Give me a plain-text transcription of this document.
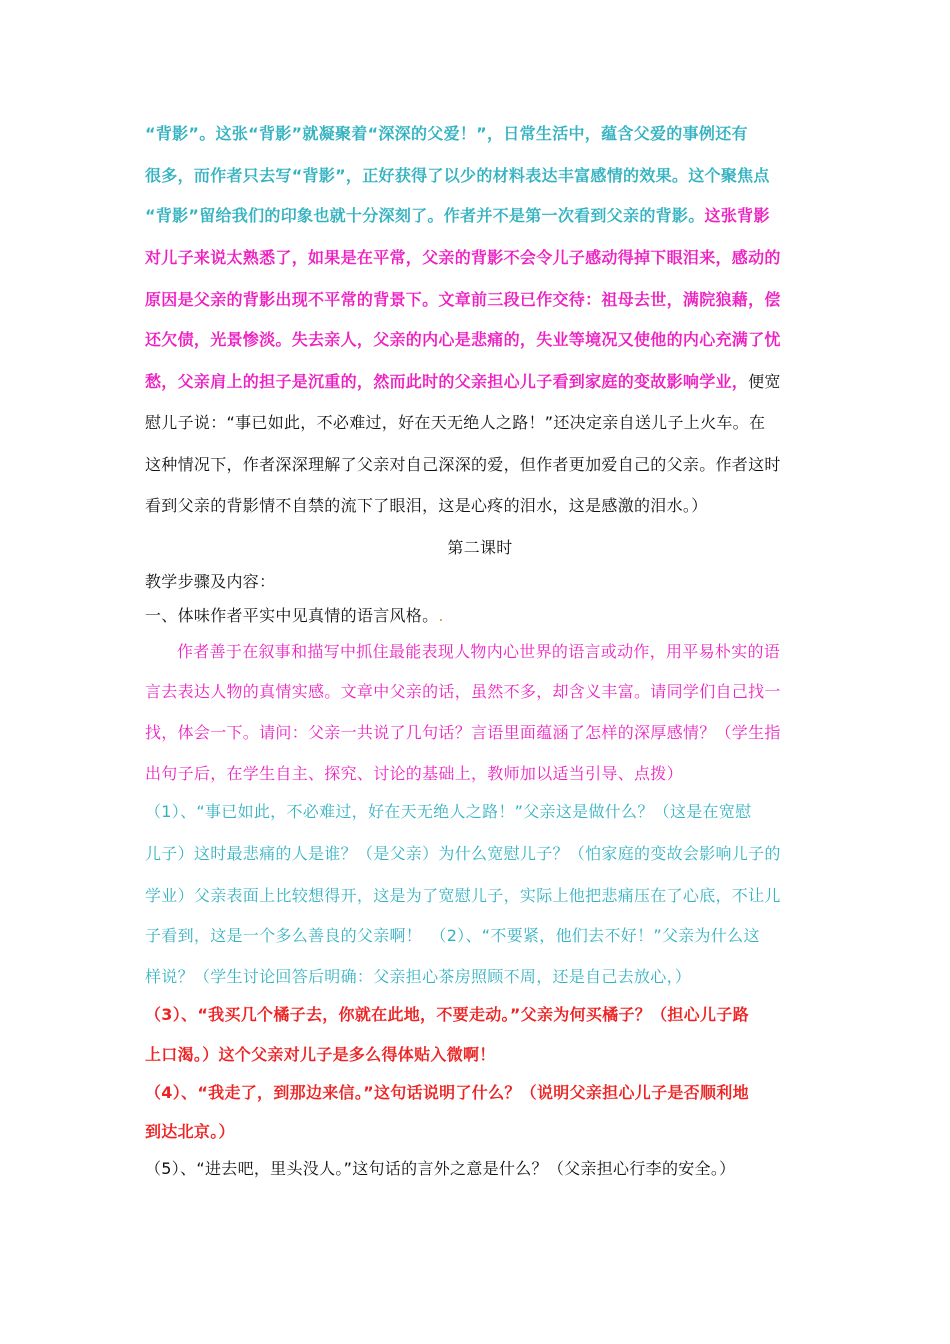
“背影”。这张“背影”就凝聚着“深深的父爱！”，日常生活中，蕴含父爱的事例还有
很多，而作者只去写“背影”，正好获得了以少的材料表达丰富感情的效果。这个聚焦点
“背影”留给我们的印象也就十分深刻了。作者并不是第一次看到父亲的背影。这张背影
对儿子来说太熟悉了，如果是在平常，父亲的背影不会令儿子感动得掉下眼泪来，感动的
原因是父亲的背影出现不平常的背景下。文章前三段已作交待：祖母去世，满院狼藉，偿
还欠债，光景惨淡。失去亲人，父亲的内心是悲痛的，失业等境况又使他的内心充满了忧
愁，父亲肩上的担子是沉重的，然而此时的父亲担心儿子看到家庭的变故影响学业，便宽
慰儿子说：“事已如此，不必难过，好在天无绝人之路！”还决定亲自送儿子上火车。在
这种情况下，作者深深理解了父亲对自己深深的爱，但作者更加爱自己的父亲。作者这时
看到父亲的背影情不自禁的流下了眼泪，这是心疼的泪水，这是感激的泪水。）
第二课时
教学步骤及内容：
一、体味作者平实中见真情的语言风格。.
作者善于在叙事和描写中抓住最能表现人物内心世界的语言或动作，用平易朴实的语
言去表达人物的真情实感。文章中父亲的话，虽然不多，却含义丰富。请同学们自己找一
找，体会一下。请问：父亲一共说了几句话？言语里面蕴涵了怎样的深厚感情？（学生指
出句子后，在学生自主、探究、讨论的基础上，教师加以适当引导、点拨）
（1）、“事已如此，不必难过，好在天无绝人之路！”父亲这是做什么？（这是在宽慰
儿子）这时最悲痛的人是谁？（是父亲）为什么宽慰儿子？（怕家庭的变故会影响儿子的
学业）父亲表面上比较想得开，这是为了宽慰儿子，实际上他把悲痛压在了心底，不让儿
子看到，这是一个多么善良的父亲啊！　（2）、“不要紧，他们去不好！”父亲为什么这
样说？（学生讨论回答后明确：父亲担心茶房照顾不周，还是自己去放心，）
（3）、“我买几个橘子去，你就在此地，不要走动。”父亲为何买橘子？（担心儿子路
上口渴。）这个父亲对儿子是多么得体贴入微啊！
（4）、“我走了，到那边来信。”这句话说明了什么？（说明父亲担心儿子是否顺利地
到达北京。）
（5）、“进去吧，里头没人。”这句话的言外之意是什么？（父亲担心行李的安全。）
